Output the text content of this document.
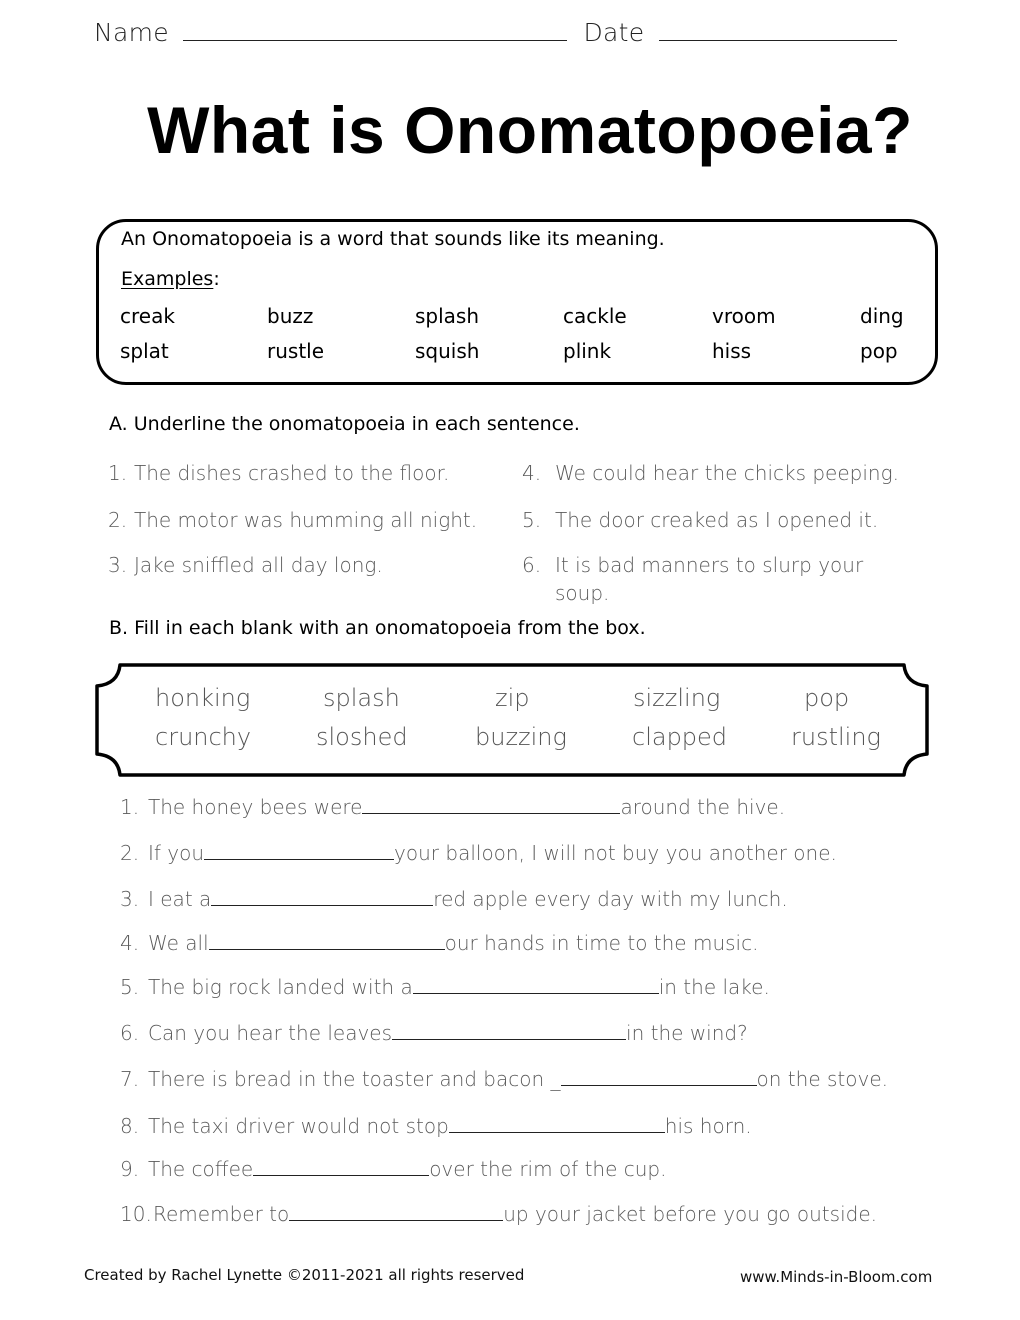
Name	Date
What is Onomatopoeia?
An Onomatopoeia is a word that sounds like its meaning.
Examples:
creak	buzz	splash	cackle	vroom	ding
splat	rustle	squish	plink	hiss	pop
A. Underline the onomatopoeia in each sentence.
1. The dishes crashed to the floor.
2. The motor was humming all night.
3. Jake sniffled all day long.
4. We could hear the chicks peeping.
5. The door creaked as I opened it.
6. It is bad manners to slurp your
soup.
B. Fill in each blank with an onomatopoeia from the box.
honking	splash	zip	sizzling	pop
crunchy	sloshed	buzzing	clapped	rustling
1. The honey bees were	around the hive.
2. If you	your balloon, I will not buy you another one.
3. I eat a	red apple every day with my lunch.
4. We all	our hands in time to the music.
5. The big rock landed with a	in the lake.
6. Can you hear the leaves	in the wind?
7. There is bread in the toaster and bacon _	on the stove.
8. The taxi driver would not stop	his horn.
9. The coffee	over the rim of the cup.
10.Remember to	up your jacket before you go outside.
Created by Rachel Lynette ©2011-2021 all rights reserved	www.Minds-in-Bloom.com
